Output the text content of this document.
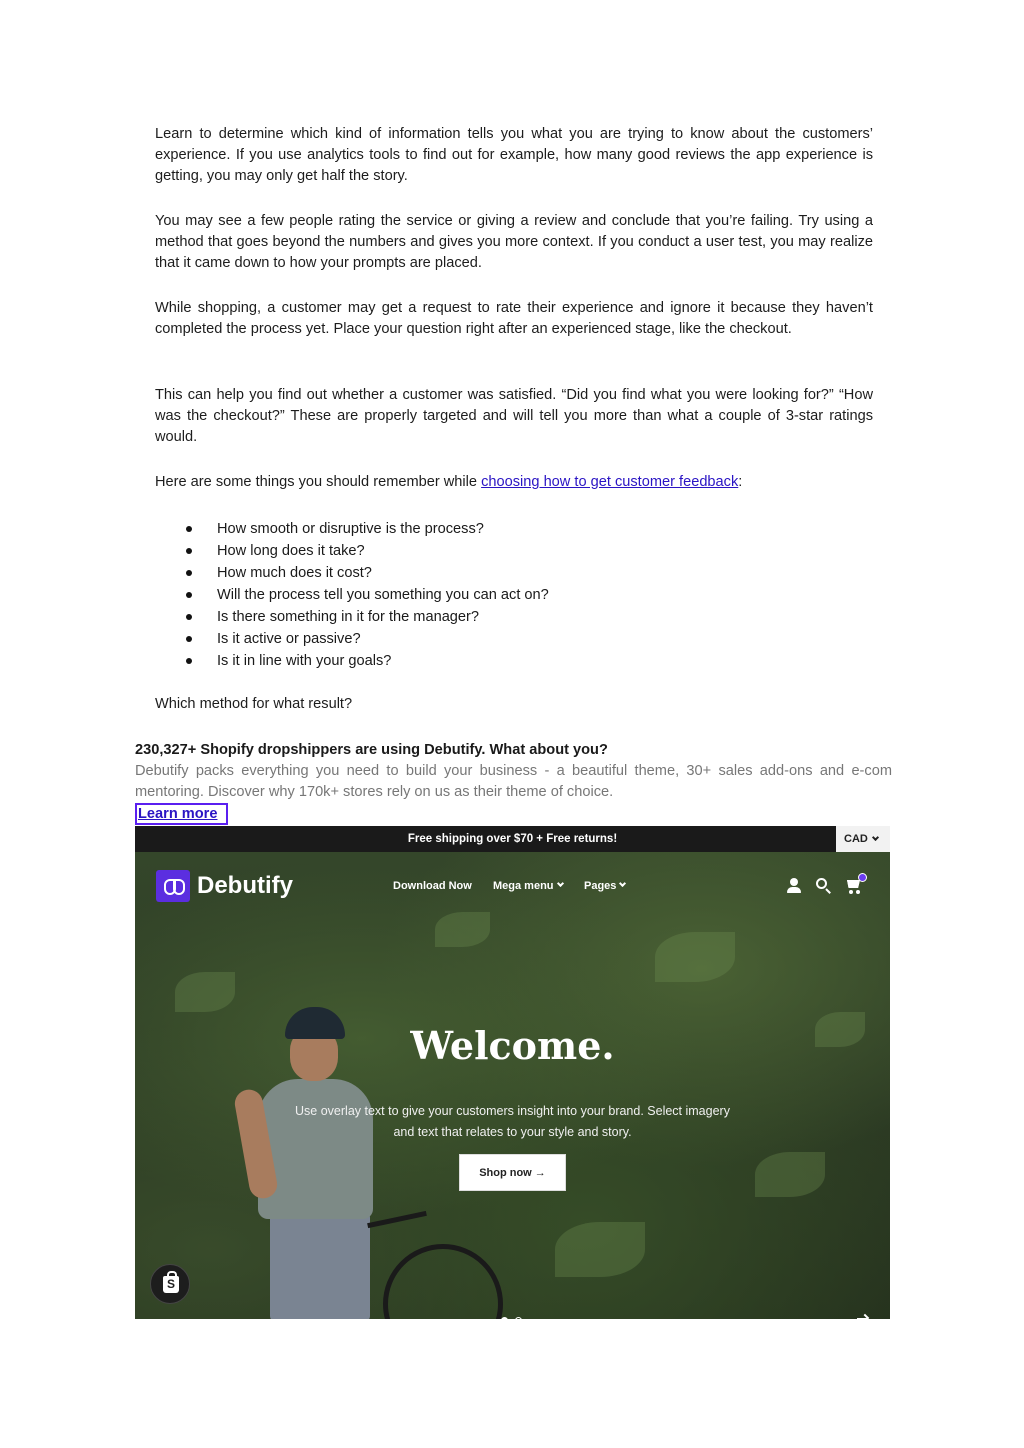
Learn to determine which kind of information tells you what you are trying to know about the customers’ experience. If you use analytics tools to find out for example, how many good reviews the app experience is getting, you may only get half the story.

You may see a few people rating the service or giving a review and conclude that you’re failing. Try using a method that goes beyond the numbers and gives you more context. If you conduct a user test, you may realize that it came down to how your prompts are placed.

While shopping, a customer may get a request to rate their experience and ignore it because they haven’t completed the process yet. Place your question right after an experienced stage, like the checkout.

This can help you find out whether a customer was satisfied. “Did you find what you were looking for?” “How was the checkout?” These are properly targeted and will tell you more than what a couple of 3-star ratings would.

Here are some things you should remember while choosing how to get customer feedback:

How smooth or disruptive is the process?
How long does it take?
How much does it cost?
Will the process tell you something you can act on?
Is there something in it for the manager?
Is it active or passive?
Is it in line with your goals?

Which method for what result?

230,327+ Shopify dropshippers are using Debutify. What about you?
Debutify packs everything you need to build your business - a beautiful theme, 30+ sales add-ons and e-com mentoring. Discover why 170k+ stores rely on us as their theme of choice.
Learn more
Free shipping over $70 + Free returns!	CAD
Debutify	Download Now Mega menu	Pages
Welcome.
Use overlay text to give your customers insight into your brand. Select imagery and text that relates to your style and story.
Shop now →
S
